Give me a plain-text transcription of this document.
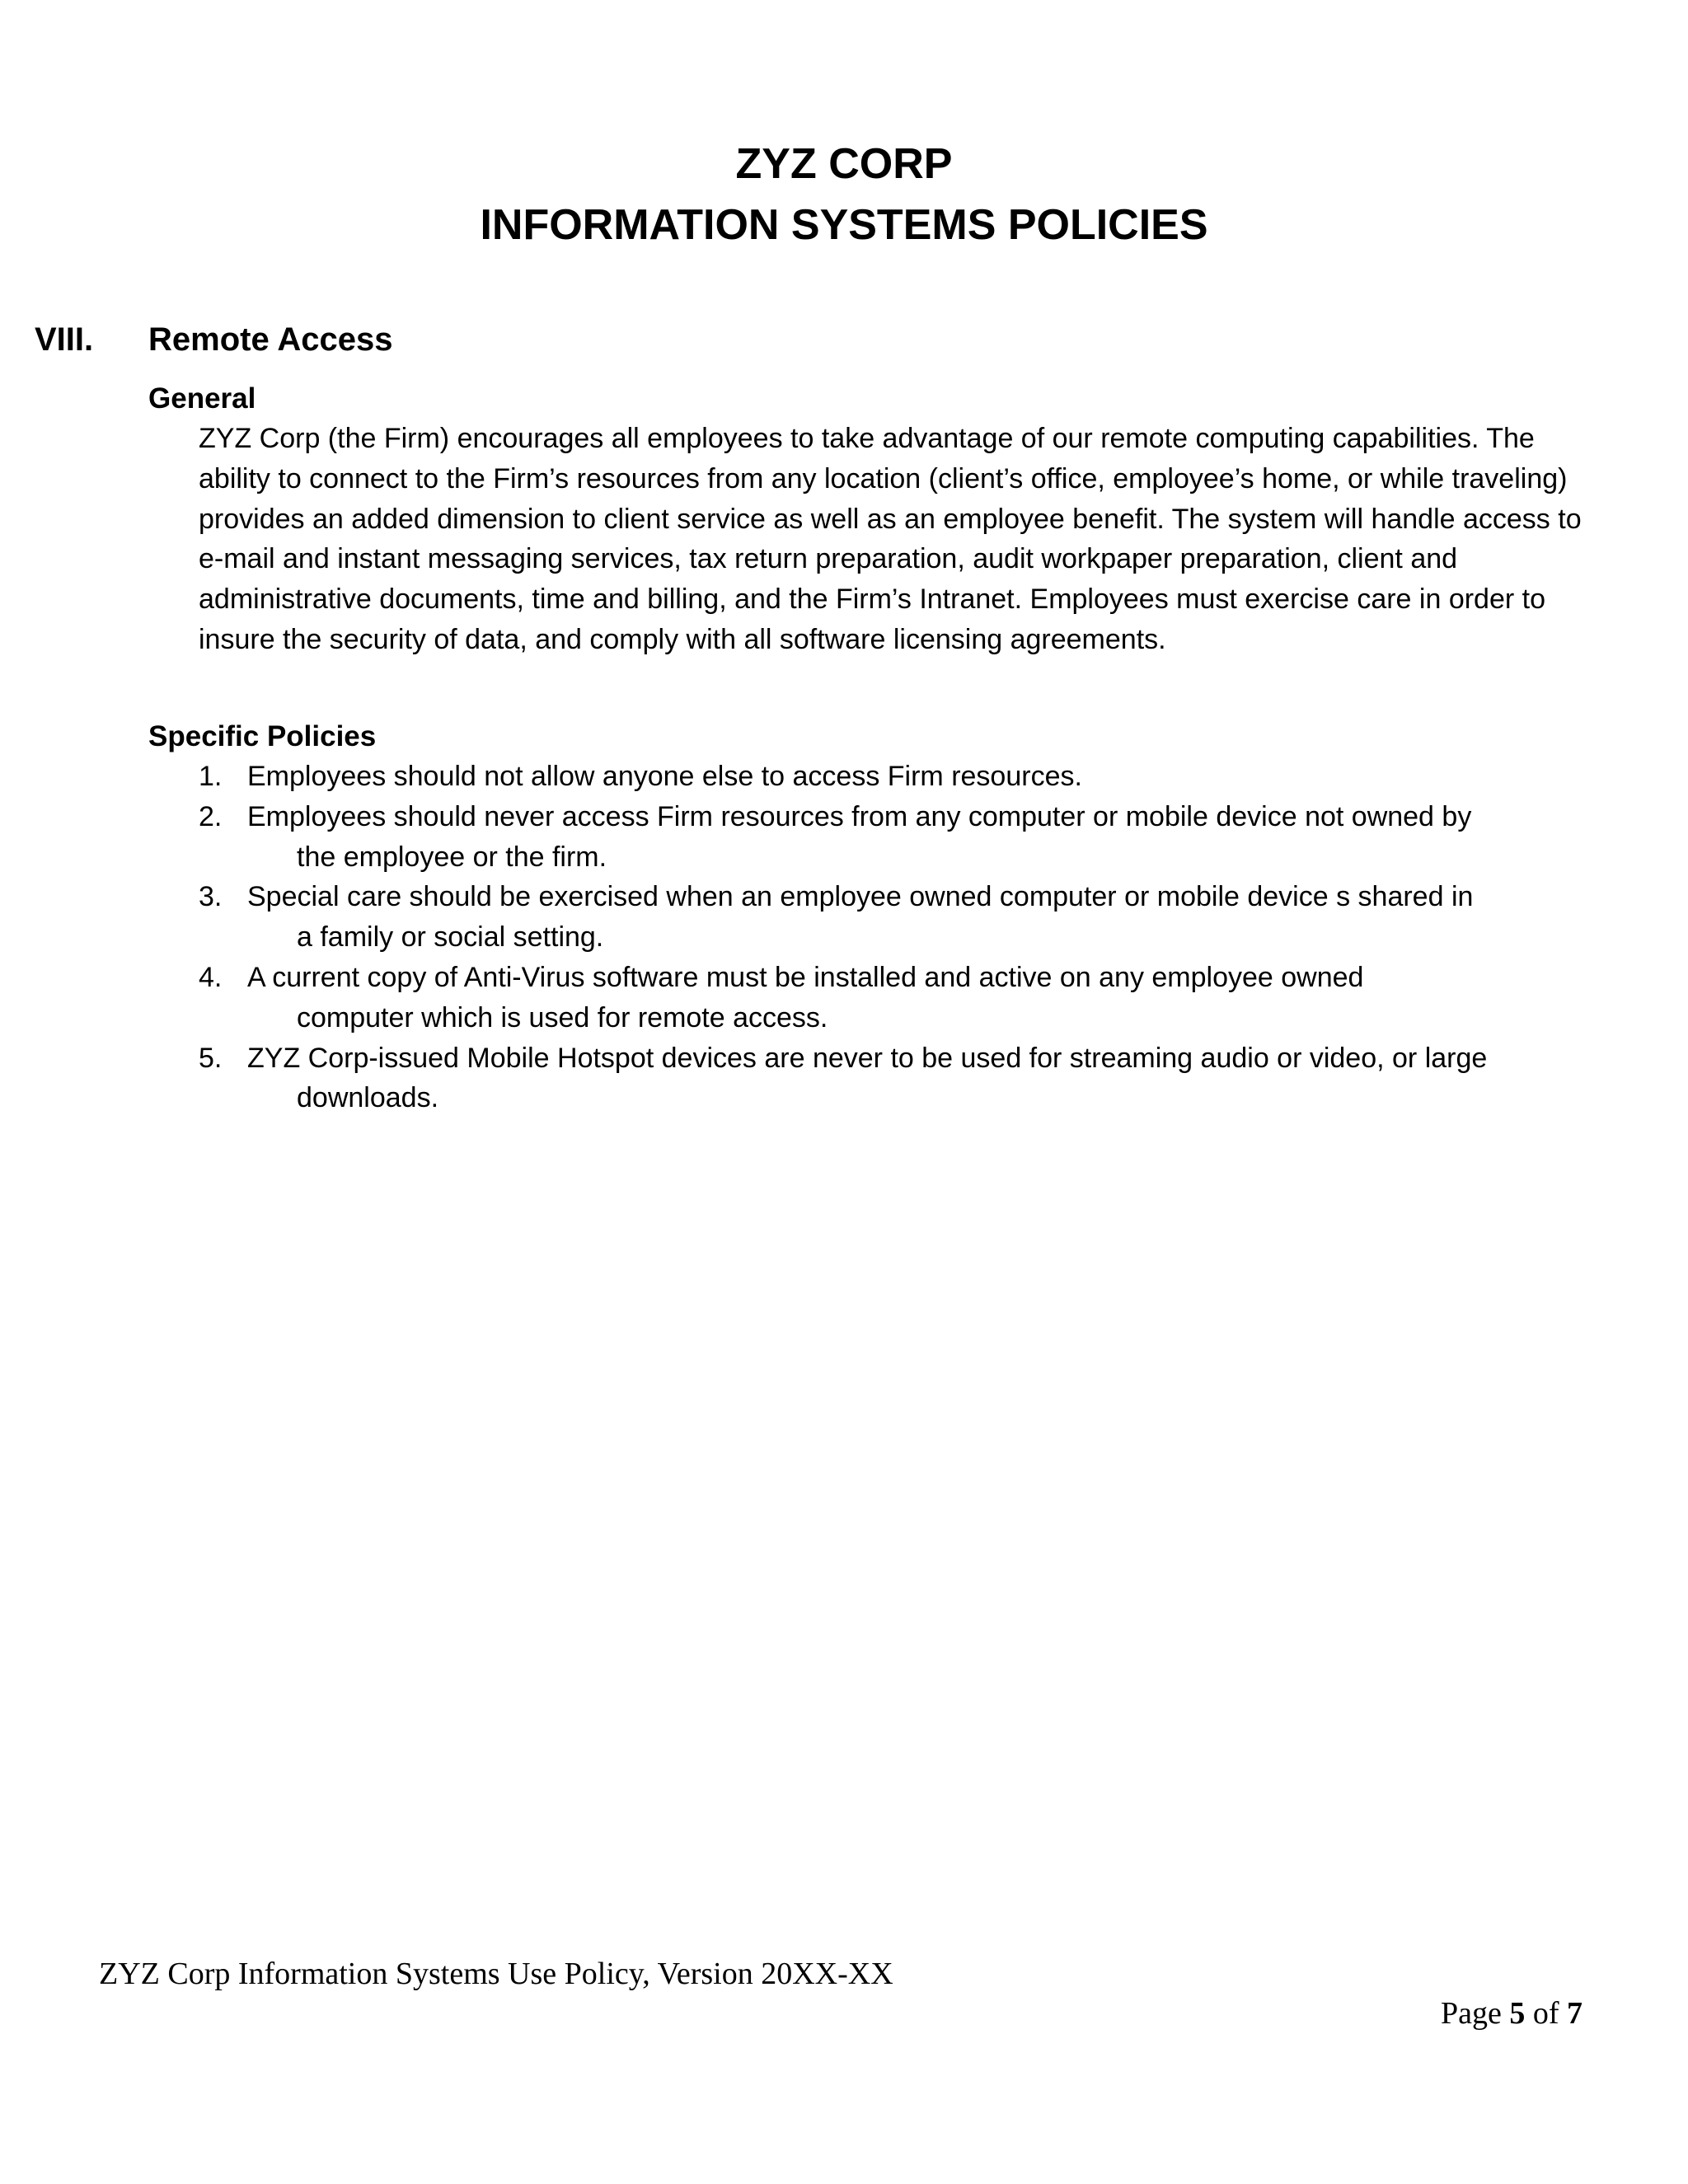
ZYZ CORP
INFORMATION SYSTEMS POLICIES
VIII. Remote Access
General

ZYZ Corp (the Firm) encourages all employees to take advantage of our remote computing capabilities. The ability to connect to the Firm’s resources from any location (client’s office, employee’s home, or while traveling) provides an added dimension to client service as well as an employee benefit. The system will handle access to e-mail and instant messaging services, tax return preparation, audit workpaper preparation, client and administrative documents, time and billing, and the Firm’s Intranet. Employees must exercise care in order to insure the security of data, and comply with all software licensing agreements.

Specific Policies
1. Employees should not allow anyone else to access Firm resources.
2. Employees should never access Firm resources from any computer or mobile device not owned by
the employee or the firm.
3. Special care should be exercised when an employee owned computer or mobile device s shared in
a family or social setting.
4. A current copy of Anti-Virus software must be installed and active on any employee owned
computer which is used for remote access.
5. ZYZ Corp-issued Mobile Hotspot devices are never to be used for streaming audio or video, or large
downloads.
ZYZ Corp Information Systems Use Policy, Version 20XX-XX
Page 5 of 7
